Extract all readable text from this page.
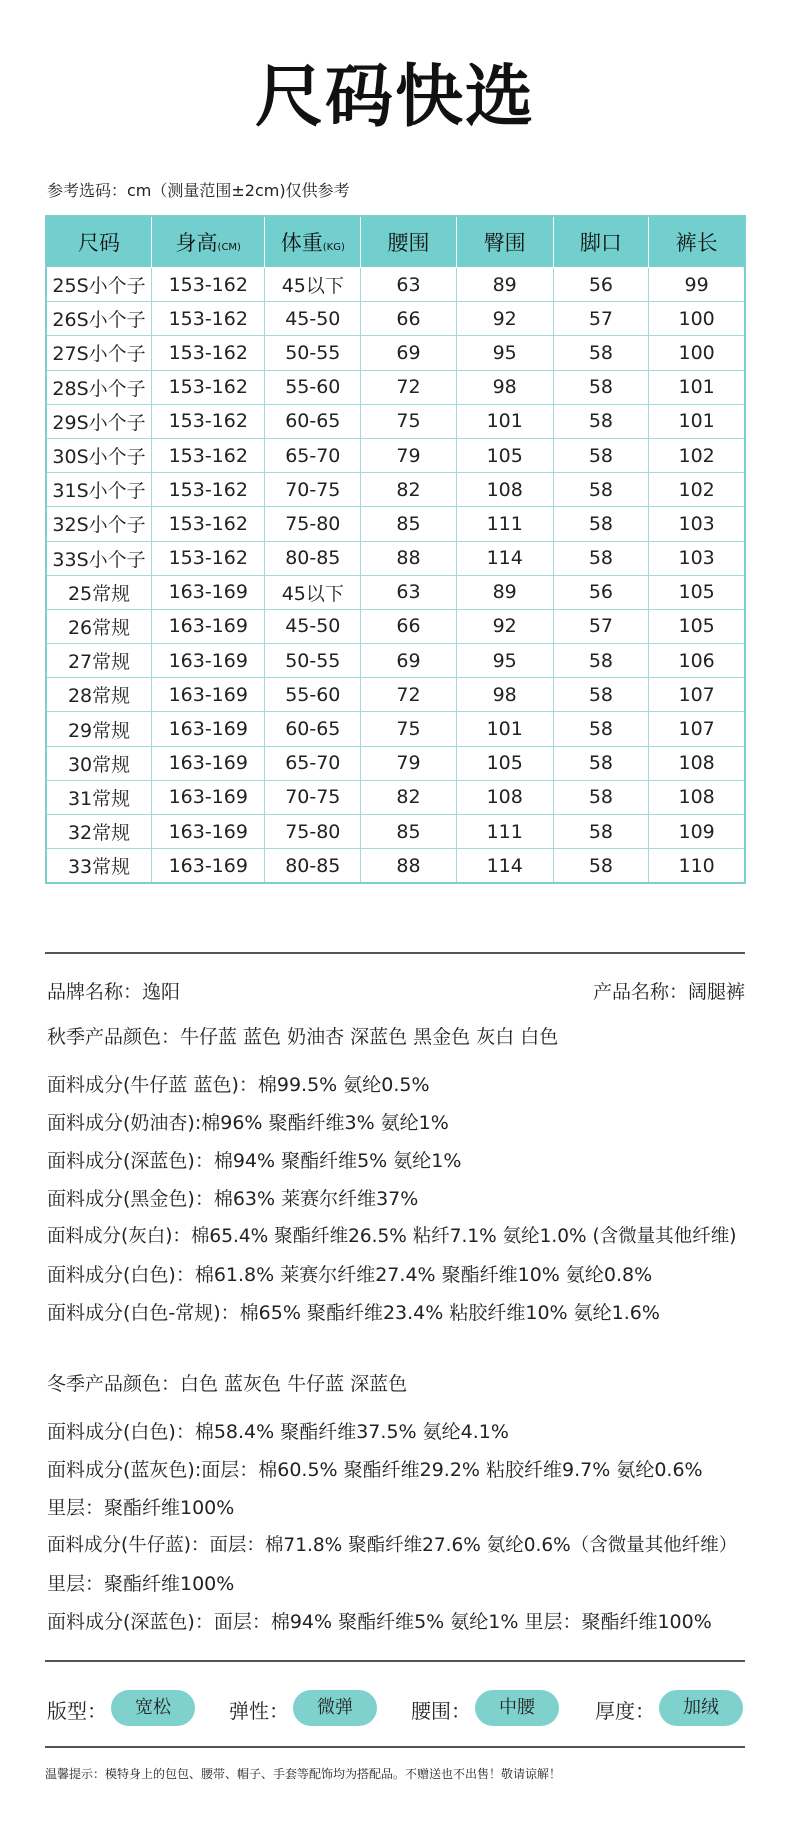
尺码快选
参考选码：cm（测量范围±2cm)仅供参考
尺码	身高(CM)	体重(KG)	腰围	臀围	脚口	裤长
25S小个子	153-162	45以下	63	89	56	99
26S小个子	153-162	45-50	66	92	57	100
27S小个子	153-162	50-55	69	95	58	100
28S小个子	153-162	55-60	72	98	58	101
29S小个子	153-162	60-65	75	101	58	101
30S小个子	153-162	65-70	79	105	58	102
31S小个子	153-162	70-75	82	108	58	102
32S小个子	153-162	75-80	85	111	58	103
33S小个子	153-162	80-85	88	114	58	103
25常规	163-169	45以下	63	89	56	105
26常规	163-169	45-50	66	92	57	105
27常规	163-169	50-55	69	95	58	106
28常规	163-169	55-60	72	98	58	107
29常规	163-169	60-65	75	101	58	107
30常规	163-169	65-70	79	105	58	108
31常规	163-169	70-75	82	108	58	108
32常规	163-169	75-80	85	111	58	109
33常规	163-169	80-85	88	114	58	110
品牌名称：逸阳	产品名称：阔腿裤
秋季产品颜色：牛仔蓝 蓝色 奶油杏 深蓝色 黑金色 灰白 白色
面料成分(牛仔蓝 蓝色)：棉99.5% 氨纶0.5%
面料成分(奶油杏):棉96% 聚酯纤维3% 氨纶1%
面料成分(深蓝色)：棉94% 聚酯纤维5% 氨纶1%
面料成分(黑金色)：棉63% 莱赛尔纤维37%
面料成分(灰白)：棉65.4% 聚酯纤维26.5% 粘纤7.1% 氨纶1.0% (含微量其他纤维)
面料成分(白色)：棉61.8% 莱赛尔纤维27.4% 聚酯纤维10% 氨纶0.8%
面料成分(白色-常规)：棉65% 聚酯纤维23.4% 粘胶纤维10% 氨纶1.6%
冬季产品颜色：白色 蓝灰色 牛仔蓝 深蓝色
面料成分(白色)：棉58.4% 聚酯纤维37.5% 氨纶4.1%
面料成分(蓝灰色):面层：棉60.5% 聚酯纤维29.2% 粘胶纤维9.7% 氨纶0.6%
里层：聚酯纤维100%
面料成分(牛仔蓝)：面层：棉71.8% 聚酯纤维27.6% 氨纶0.6%（含微量其他纤维）
里层：聚酯纤维100%
面料成分(深蓝色)：面层：棉94% 聚酯纤维5% 氨纶1% 里层：聚酯纤维100%
版型：	宽松	弹性：	微弹	腰围：	中腰	厚度：	加绒
温馨提示：模特身上的包包、腰带、帽子、手套等配饰均为搭配品。不赠送也不出售！敬请谅解！
